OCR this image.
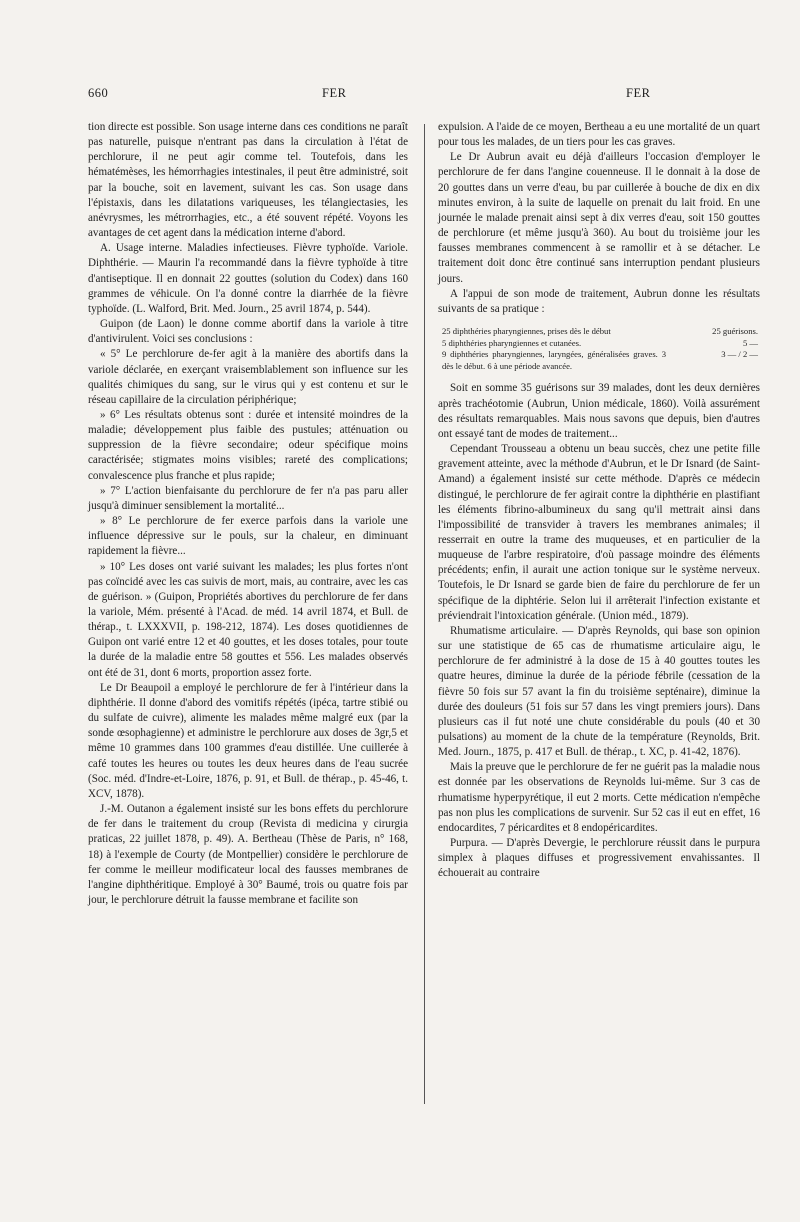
660	FER	FER

tion directe est possible. Son usage interne dans ces conditions ne paraît pas naturelle, puisque n'entrant pas dans la circulation à l'état de perchlorure, il ne peut agir comme tel. Toutefois, dans les hématémèses, les hémorrhagies intestinales, il peut être administré, soit par la bouche, soit en lavement, suivant les cas. Son usage dans l'épistaxis, dans les dilatations variqueuses, les télangiectasies, les anévrysmes, les métrorrhagies, etc., a été souvent répété. Voyons les avantages de cet agent dans la médication interne d'abord.

A. Usage interne. Maladies infectieuses. Fièvre typhoïde. Variole. Diphthérie. — Maurin l'a recommandé dans la fièvre typhoïde à titre d'antiseptique. Il en donnait 22 gouttes (solution du Codex) dans 160 grammes de véhicule. On l'a donné contre la diarrhée de la fièvre typhoïde. (L. Walford, Brit. Med. Journ., 25 avril 1874, p. 544).

Guipon (de Laon) le donne comme abortif dans la variole à titre d'antivirulent. Voici ses conclusions :

« 5° Le perchlorure de-fer agit à la manière des abortifs dans la variole déclarée, en exerçant vraisemblablement son influence sur les qualités chimiques du sang, sur le virus qui y est contenu et sur le réseau capillaire de la circulation périphérique;

» 6° Les résultats obtenus sont : durée et intensité moindres de la maladie; développement plus faible des pustules; atténuation ou suppression de la fièvre secondaire; odeur spécifique moins caractérisée; stigmates moins visibles; rareté des complications; convalescence plus franche et plus rapide;

» 7° L'action bienfaisante du perchlorure de fer n'a pas paru aller jusqu'à diminuer sensiblement la mortalité...

» 8° Le perchlorure de fer exerce parfois dans la variole une influence dépressive sur le pouls, sur la chaleur, en diminuant rapidement la fièvre...

» 10° Les doses ont varié suivant les malades; les plus fortes n'ont pas coïncidé avec les cas suivis de mort, mais, au contraire, avec les cas de guérison. » (Guipon, Propriétés abortives du perchlorure de fer dans la variole, Mém. présenté à l'Acad. de méd. 14 avril 1874, et Bull. de thérap., t. LXXXVII, p. 198-212, 1874). Les doses quotidiennes de Guipon ont varié entre 12 et 40 gouttes, et les doses totales, pour toute la durée de la maladie entre 58 gouttes et 556. Les malades observés ont été de 31, dont 6 morts, proportion assez forte.

Le Dr Beaupoil a employé le perchlorure de fer à l'intérieur dans la diphthérie. Il donne d'abord des vomitifs répétés (ipéca, tartre stibié ou du sulfate de cuivre), alimente les malades même malgré eux (par la sonde œsophagienne) et administre le perchlorure aux doses de 3gr,5 et même 10 grammes dans 100 grammes d'eau distillée. Une cuillerée à café toutes les heures ou toutes les deux heures dans de l'eau sucrée (Soc. méd. d'Indre-et-Loire, 1876, p. 91, et Bull. de thérap., p. 45-46, t. XCV, 1878).

J.-M. Outanon a également insisté sur les bons effets du perchlorure de fer dans le traitement du croup (Revista di medicina y cirurgia praticas, 22 juillet 1878, p. 49). A. Bertheau (Thèse de Paris, n° 168, 18) à l'exemple de Courty (de Montpellier) considère le perchlorure de fer comme le meilleur modificateur local des fausses membranes de l'angine diphthéritique. Employé à 30° Baumé, trois ou quatre fois par jour, le perchlorure détruit la fausse membrane et facilite son

expulsion. A l'aide de ce moyen, Bertheau a eu une mortalité de un quart pour tous les malades, de un tiers pour les cas graves.

Le Dr Aubrun avait eu déjà d'ailleurs l'occasion d'employer le perchlorure de fer dans l'angine couenneuse. Il le donnait à la dose de 20 gouttes dans un verre d'eau, bu par cuillerée à bouche de dix en dix minutes environ, à la suite de laquelle on prenait du lait froid. En une journée le malade prenait ainsi sept à dix verres d'eau, soit 150 gouttes de perchlorure (et même jusqu'à 360). Au bout du troisième jour les fausses membranes commencent à se ramollir et à se détacher. Le traitement doit donc être continué sans interruption pendant plusieurs jours.

A l'appui de son mode de traitement, Aubrun donne les résultats suivants de sa pratique :

25 diphthéries pharyngiennes, prises dès le début	25 guérisons.
5 diphthéries pharyngiennes et cutanées.	5 —
9 diphthéries pharyngiennes, laryngées, généralisées graves. 3 dès le début. 6 à une période avancée.	3 — / 2 —

Soit en somme 35 guérisons sur 39 malades, dont les deux dernières après trachéotomie (Aubrun, Union médicale, 1860). Voilà assurément des résultats remarquables. Mais nous savons que depuis, bien d'autres ont essayé tant de modes de traitement...

Cependant Trousseau a obtenu un beau succès, chez une petite fille gravement atteinte, avec la méthode d'Aubrun, et le Dr Isnard (de Saint-Amand) a également insisté sur cette méthode. D'après ce médecin distingué, le perchlorure de fer agirait contre la diphthérie en plastifiant les éléments fibrino-albumineux du sang qu'il mettrait ainsi dans l'impossibilité de transvider à travers les membranes animales; il resserrait en outre la trame des muqueuses, et en particulier de la muqueuse de l'arbre respiratoire, d'où passage moindre des éléments précédents; enfin, il aurait une action tonique sur le système nerveux. Toutefois, le Dr Isnard se garde bien de faire du perchlorure de fer un spécifique de la diphtérie. Selon lui il arrêterait l'infection existante et préviendrait l'intoxication générale. (Union méd., 1879).

Rhumatisme articulaire. — D'après Reynolds, qui base son opinion sur une statistique de 65 cas de rhumatisme articulaire aigu, le perchlorure de fer administré à la dose de 15 à 40 gouttes toutes les quatre heures, diminue la durée de la période fébrile (cessation de la fièvre 50 fois sur 57 avant la fin du troisième septénaire), diminue la durée des douleurs (51 fois sur 57 dans les vingt premiers jours). Dans plusieurs cas il fut noté une chute considérable du pouls (40 et 30 pulsations) au moment de la chute de la température (Reynolds, Brit. Med. Journ., 1875, p. 417 et Bull. de thérap., t. XC, p. 41-42, 1876).

Mais la preuve que le perchlorure de fer ne guérit pas la maladie nous est donnée par les observations de Reynolds lui-même. Sur 3 cas de rhumatisme hyperpyrétique, il eut 2 morts. Cette médication n'empêche pas non plus les complications de survenir. Sur 52 cas il eut en effet, 16 endocardites, 7 péricardites et 8 endopéricardites.

Purpura. — D'après Devergie, le perchlorure réussit dans le purpura simplex à plaques diffuses et progressivement envahissantes. Il échouerait au contraire
